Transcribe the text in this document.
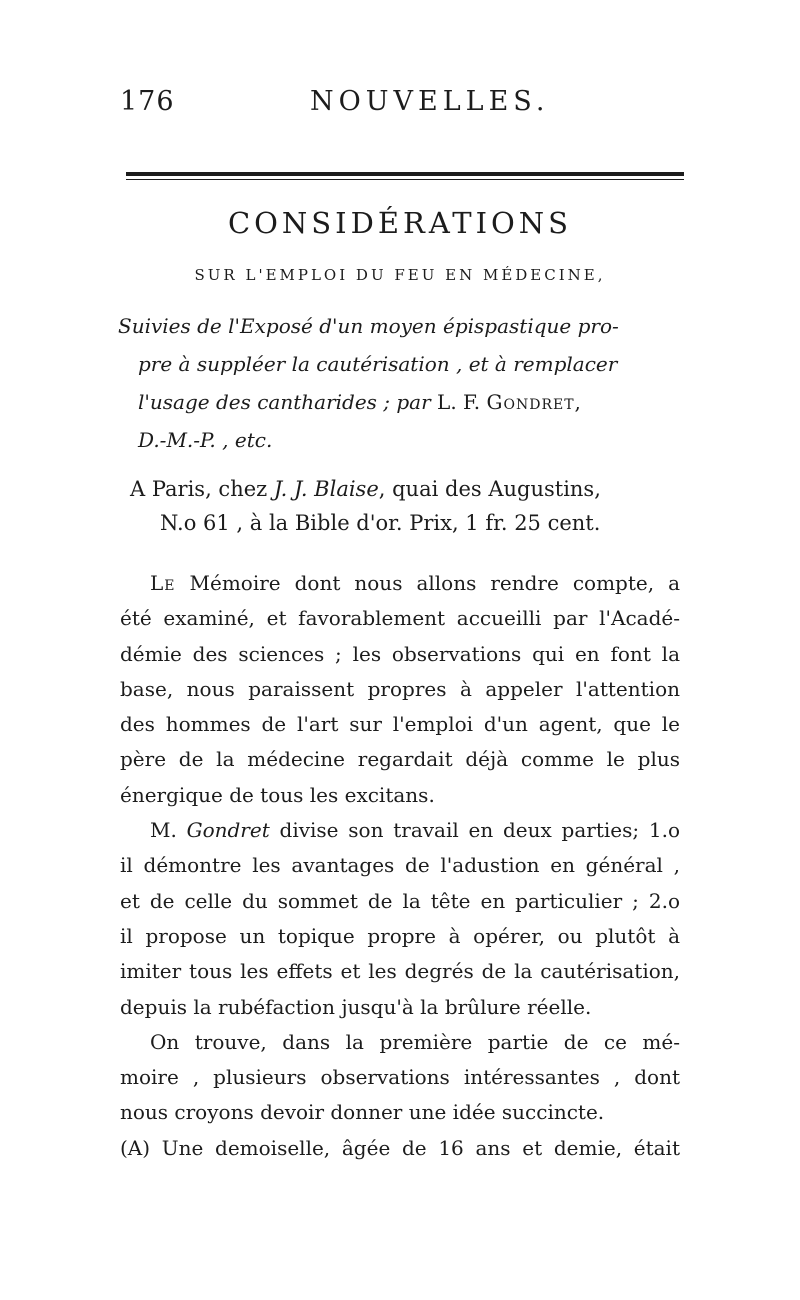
176	NOUVELLES.
CONSIDÉRATIONS
SUR L'EMPLOI DU FEU EN MÉDECINE,
Suivies de l'Exposé d'un moyen épispastique pro-
pre à suppléer la cautérisation , et à remplacer
l'usage des cantharides ; par L. F. Gondret,
D.-M.-P. , etc.
A Paris, chez J. J. Blaise, quai des Augustins,
N.o 61 , à la Bible d'or. Prix, 1 fr. 25 cent.
Le Mémoire dont nous allons rendre compte, a
été examiné, et favorablement accueilli par l'Acadé-
démie des sciences ; les observations qui en font la
base, nous paraissent propres à appeler l'attention
des hommes de l'art sur l'emploi d'un agent, que le
père de la médecine regardait déjà comme le plus
énergique de tous les excitans.
M. Gondret divise son travail en deux parties; 1.o
il démontre les avantages de l'adustion en général ,
et de celle du sommet de la tête en particulier ; 2.o
il propose un topique propre à opérer, ou plutôt à
imiter tous les effets et les degrés de la cautérisation,
depuis la rubéfaction jusqu'à la brûlure réelle.
On trouve, dans la première partie de ce mé-
moire , plusieurs observations intéressantes , dont
nous croyons devoir donner une idée succincte.
(A) Une demoiselle, âgée de 16 ans et demie, était
